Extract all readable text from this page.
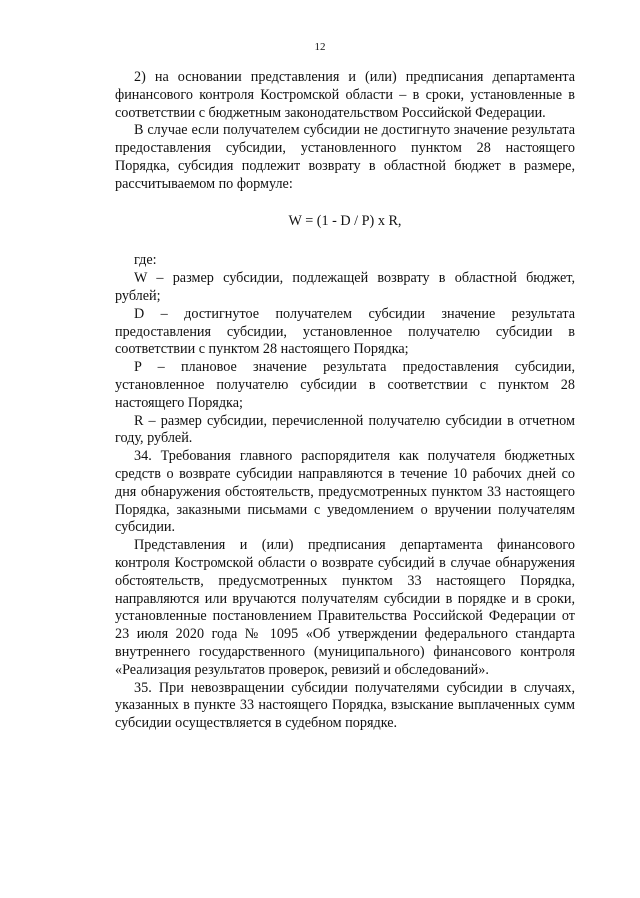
12

2) на основании представления и (или) предписания департамента финансового контроля Костромской области – в сроки, установленные в соответствии с бюджетным законодательством Российской Федерации.

В случае если получателем субсидии не достигнуто значение результата предоставления субсидии, установленного пунктом 28 настоящего Порядка, субсидия подлежит возврату в областной бюджет в размере, рассчитываемом по формуле:

W = (1 - D / P) x R,

где:

W – размер субсидии, подлежащей возврату в областной бюджет, рублей;

D – достигнутое получателем субсидии значение результата предоставления субсидии, установленное получателю субсидии в соответствии с пунктом 28 настоящего Порядка;

P – плановое значение результата предоставления субсидии, установленное получателю субсидии в соответствии с пунктом 28 настоящего Порядка;

R – размер субсидии, перечисленной получателю субсидии в отчетном году, рублей.

34. Требования главного распорядителя как получателя бюджетных средств о возврате субсидии направляются в течение 10 рабочих дней со дня обнаружения обстоятельств, предусмотренных пунктом 33 настоящего Порядка, заказными письмами с уведомлением о вручении получателям субсидии.

Представления и (или) предписания департамента финансового контроля Костромской области о возврате субсидий в случае обнаружения обстоятельств, предусмотренных пунктом 33 настоящего Порядка, направляются или вручаются получателям субсидии в порядке и в сроки, установленные постановлением Правительства Российской Федерации от 23 июля 2020 года № 1095 «Об утверждении федерального стандарта внутреннего государственного (муниципального) финансового контроля «Реализация результатов проверок, ревизий и обследований».

35. При невозвращении субсидии получателями субсидии в случаях, указанных в пункте 33 настоящего Порядка, взыскание выплаченных сумм субсидии осуществляется в судебном порядке.
